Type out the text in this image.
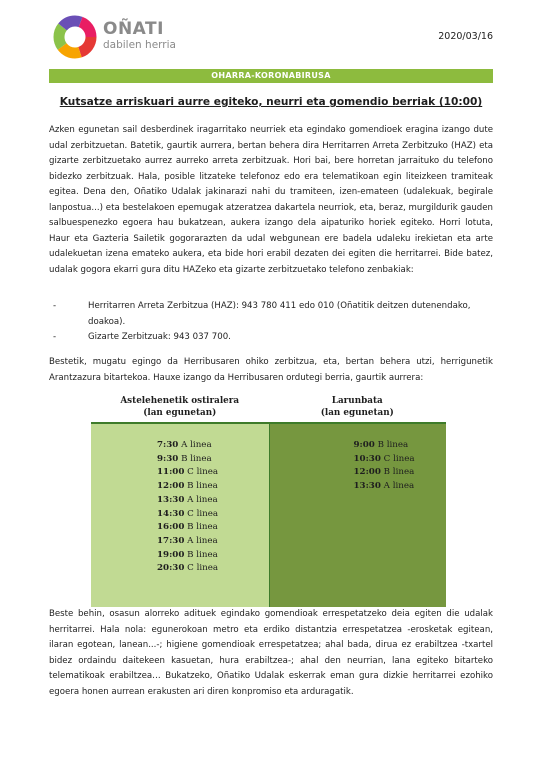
OÑATI
dabilen herria
2020/03/16
OHARRA-KORONABIRUSA
Kutsatze arriskuari aurre egiteko, neurri eta gomendio berriak (10:00)
Azken egunetan sail desberdinek iragarritako neurriek eta egindako gomendioek eragina izango dute udal zerbitzuetan. Batetik, gaurtik aurrera, bertan behera dira Herritarren Arreta Zerbitzuko (HAZ) eta gizarte zerbitzuetako aurrez aurreko arreta zerbitzuak. Hori bai, bere horretan jarraituko du telefono bidezko zerbitzuak. Hala, posible litzateke telefonoz edo era telematikoan egin liteizkeen tramiteak egitea. Dena den, Oñatiko Udalak jakinarazi nahi du tramiteen, izen-emateen (udalekuak, begirale lanpostua...) eta bestelakoen epemugak atzeratzea dakartela neurriok, eta, beraz, murgildurik gauden salbuespenezko egoera hau bukatzean, aukera izango dela aipaturiko horiek egiteko. Horri lotuta, Haur eta Gazteria Sailetik gogorarazten da udal webgunean ere badela udaleku irekietan eta arte udalekuetan izena emateko aukera, eta bide hori erabil dezaten dei egiten die herritarrei. Bide batez, udalak gogora ekarri gura ditu HAZeko eta gizarte zerbitzuetako telefono zenbakiak:
-	Herritarren Arreta Zerbitzua (HAZ): 943 780 411 edo 010 (Oñatitik deitzen dutenendako, doakoa).
-	Gizarte Zerbitzuak: 943 037 700.
Bestetik, mugatu egingo da Herribusaren ohiko zerbitzua, eta, bertan behera utzi, herrigunetik Arantzazura bitartekoa. Hauxe izango da Herribusaren ordutegi berria, gaurtik aurrera:
Astelehenetik ostiralera
(lan egunetan)
Larunbata
(lan egunetan)
7:30 A linea
9:30 B linea
11:00 C linea
12:00 B linea
13:30 A linea
14:30 C linea
16:00 B linea
17:30 A linea
19:00 B linea
20:30 C linea
9:00 B linea
10:30 C linea
12:00 B linea
13:30 A linea
Beste behin, osasun alorreko adituek egindako gomendioak errespetatzeko deia egiten die udalak herritarrei. Hala nola: egunerokoan metro eta erdiko distantzia errespetatzea -erosketak egitean, ilaran egotean, lanean...-; higiene gomendioak errespetatzea; ahal bada, dirua ez erabiltzea -txartel bidez ordaindu daitekeen kasuetan, hura erabiltzea-; ahal den neurrian, lana egiteko bitarteko telematikoak erabiltzea… Bukatzeko, Oñatiko Udalak eskerrak eman gura dizkie herritarrei ezohiko egoera honen aurrean erakusten ari diren konpromiso eta arduragatik.
